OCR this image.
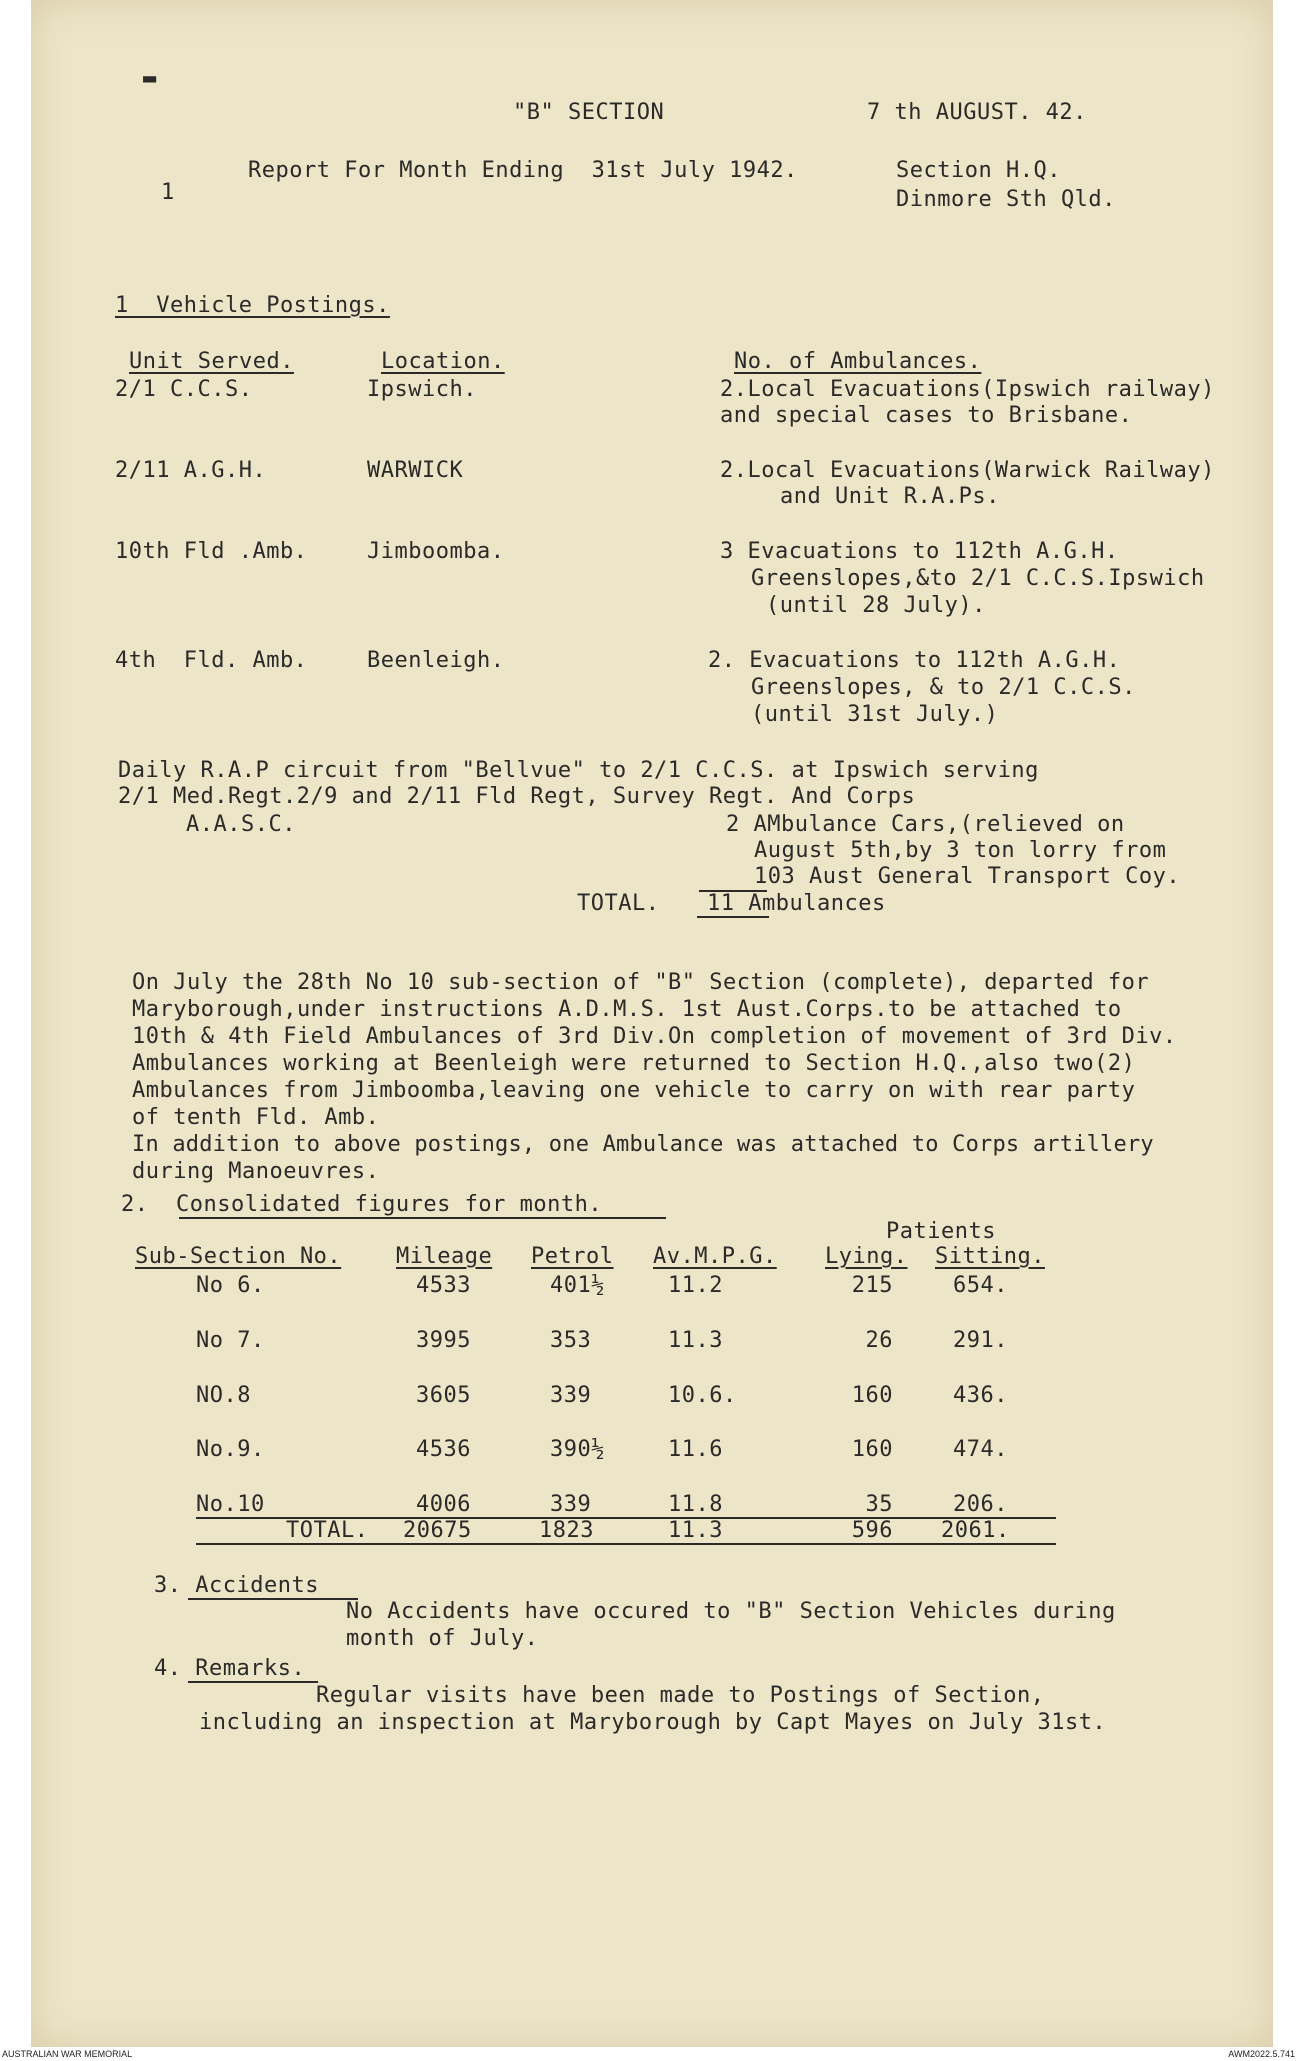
▬
1
"B" SECTION	7 th AUGUST. 42.
Report For Month Ending  31st July 1942.	Section H.Q.
Dinmore Sth Qld.
1  Vehicle Postings.
Unit Served.	Location.	No. of Ambulances.
2/1 C.C.S.	Ipswich.	2.Local Evacuations(Ipswich railway)
and special cases to Brisbane.
2/11 A.G.H.	WARWICK	2.Local Evacuations(Warwick Railway)
and Unit R.A.Ps.
10th Fld .Amb.	Jimboomba.	3 Evacuations to 112th A.G.H.
Greenslopes,&to 2/1 C.C.S.Ipswich
(until 28 July).
4th  Fld. Amb.	Beenleigh.	2. Evacuations to 112th A.G.H.
Greenslopes, & to 2/1 C.C.S.
(until 31st July.)
Daily R.A.P circuit from "Bellvue" to 2/1 C.C.S. at Ipswich serving
2/1 Med.Regt.2/9 and 2/11 Fld Regt, Survey Regt. And Corps
A.A.S.C.	2 AMbulance Cars,(relieved on
August 5th,by 3 ton lorry from
103 Aust General Transport Coy.
TOTAL. 11 Ambulances
On July the 28th No 10 sub-section of "B" Section (complete), departed for
Maryborough,under instructions A.D.M.S. 1st Aust.Corps.to be attached to
10th & 4th Field Ambulances of 3rd Div.On completion of movement of 3rd Div.
Ambulances working at Beenleigh were returned to Section H.Q.,also two(2)
Ambulances from Jimboomba,leaving one vehicle to carry on with rear party
of tenth Fld. Amb.
In addition to above postings, one Ambulance was attached to Corps artillery
during Manoeuvres.
2.  Consolidated figures for month.
Patients
Sub-Section No. Mileage Petrol Av.M.P.G. Lying. Sitting.
No 6.	4533	401½	11.2	215	654.
No 7.	3995	353	11.3	26	291.
NO.8	3605	339	10.6.	160	436.
No.9.	4536	390½	11.6	160	474.
No.10	4006	339	11.8	35	206.
TOTAL. 20675	1823	11.3	596 2061.
3. Accidents
No Accidents have occured to "B" Section Vehicles during
month of July.
4. Remarks.
Regular visits have been made to Postings of Section,
including an inspection at Maryborough by Capt Mayes on July 31st.
AUSTRALIAN WAR MEMORIAL	AWM2022.5.741
